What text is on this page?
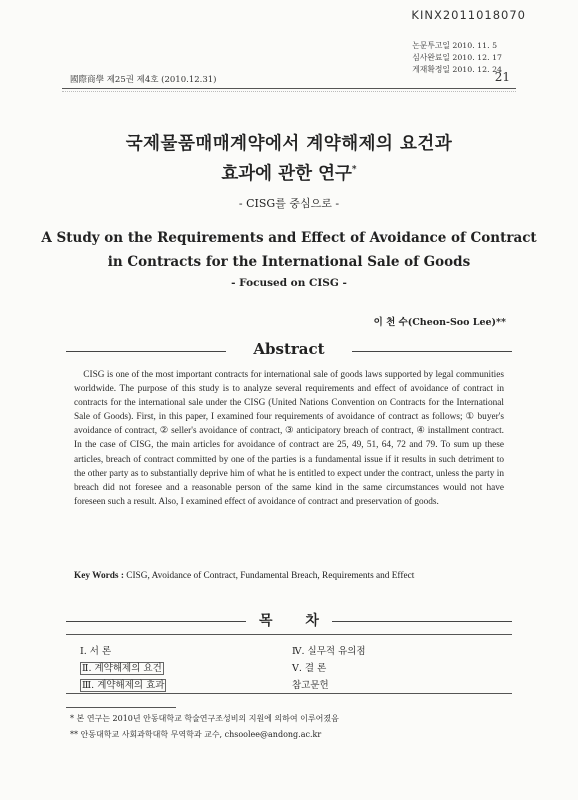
KINX2011018070
논문투고일 2010. 11. 5
심사완료일 2010. 12. 17
게재확정일 2010. 12. 24
國際商學 제25권 제4호 (2010.12.31)	21
국제물품매매계약에서 계약해제의 요건과
효과에 관한 연구*
- CISG를 중심으로 -
A Study on the Requirements and Effect of Avoidance of Contract
in Contracts for the International Sale of Goods
- Focused on CISG -
이 천 수(Cheon-Soo Lee)**
Abstract
CISG is one of the most important contracts for international sale of goods laws supported by legal communities worldwide. The purpose of this study is to analyze several requirements and effect of avoidance of contract in contracts for the international sale under the CISG (United Nations Convention on Contracts for the International Sale of Goods). First, in this paper, I examined four requirements of avoidance of contract as follows; ① buyer's avoidance of contract, ② seller's avoidance of contract, ③ anticipatory breach of contract, ④ installment contract. In the case of CISG, the main articles for avoidance of contract are 25, 49, 51, 64, 72 and 79. To sum up these articles, breach of contract committed by one of the parties is a fundamental issue if it results in such detriment to the other party as to substantially deprive him of what he is entitled to expect under the contract, unless the party in breach did not foresee and a reasonable person of the same kind in the same circumstances would not have foreseen such a result. Also, I examined effect of avoidance of contract and preservation of goods.
Key Words : CISG, Avoidance of Contract, Fundamental Breach, Requirements and Effect
목 차
Ⅰ. 서 론
Ⅱ. 계약해제의 요건
Ⅲ. 계약해제의 효과
Ⅳ. 실무적 유의점
Ⅴ. 결 론
참고문헌
* 본 연구는 2010년 안동대학교 학술연구조성비의 지원에 의하여 이루어졌음
** 안동대학교 사회과학대학 무역학과 교수, chsoolee@andong.ac.kr
